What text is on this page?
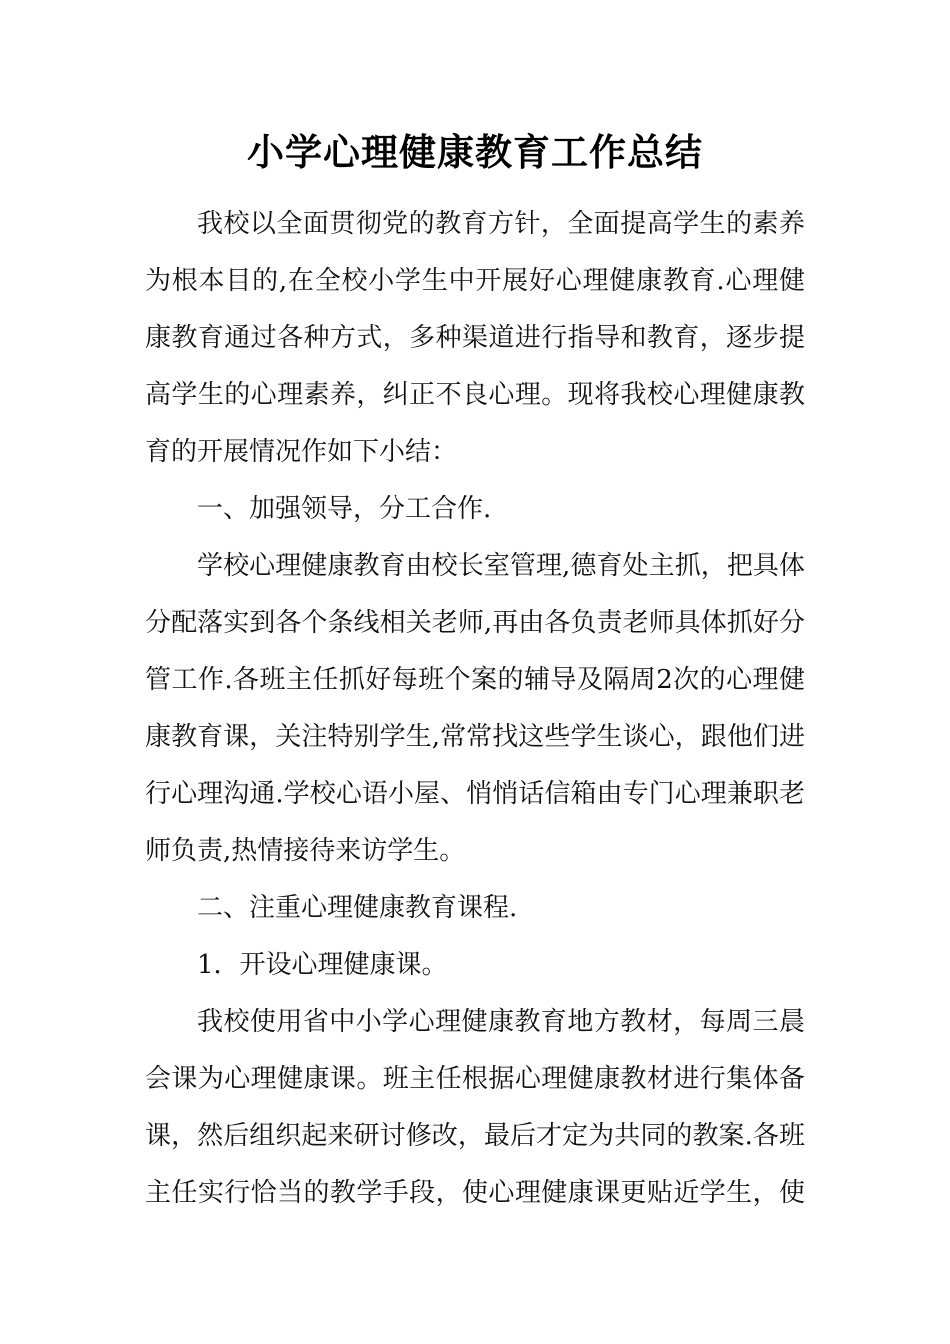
小学心理健康教育工作总结
我校以全面贯彻党的教育方针，全面提高学生的素养
为根本目的,在全校小学生中开展好心理健康教育.心理健
康教育通过各种方式，多种渠道进行指导和教育，逐步提
高学生的心理素养，纠正不良心理。现将我校心理健康教
育的开展情况作如下小结：
一、加强领导，分工合作.
学校心理健康教育由校长室管理,德育处主抓，把具体
分配落实到各个条线相关老师,再由各负责老师具体抓好分
管工作.各班主任抓好每班个案的辅导及隔周2次的心理健
康教育课，关注特别学生,常常找这些学生谈心，跟他们进
行心理沟通.学校心语小屋、悄悄话信箱由专门心理兼职老
师负责,热情接待来访学生。
二、注重心理健康教育课程.
1．开设心理健康课。
我校使用省中小学心理健康教育地方教材，每周三晨
会课为心理健康课。班主任根据心理健康教材进行集体备
课，然后组织起来研讨修改，最后才定为共同的教案.各班
主任实行恰当的教学手段，使心理健康课更贴近学生，使
